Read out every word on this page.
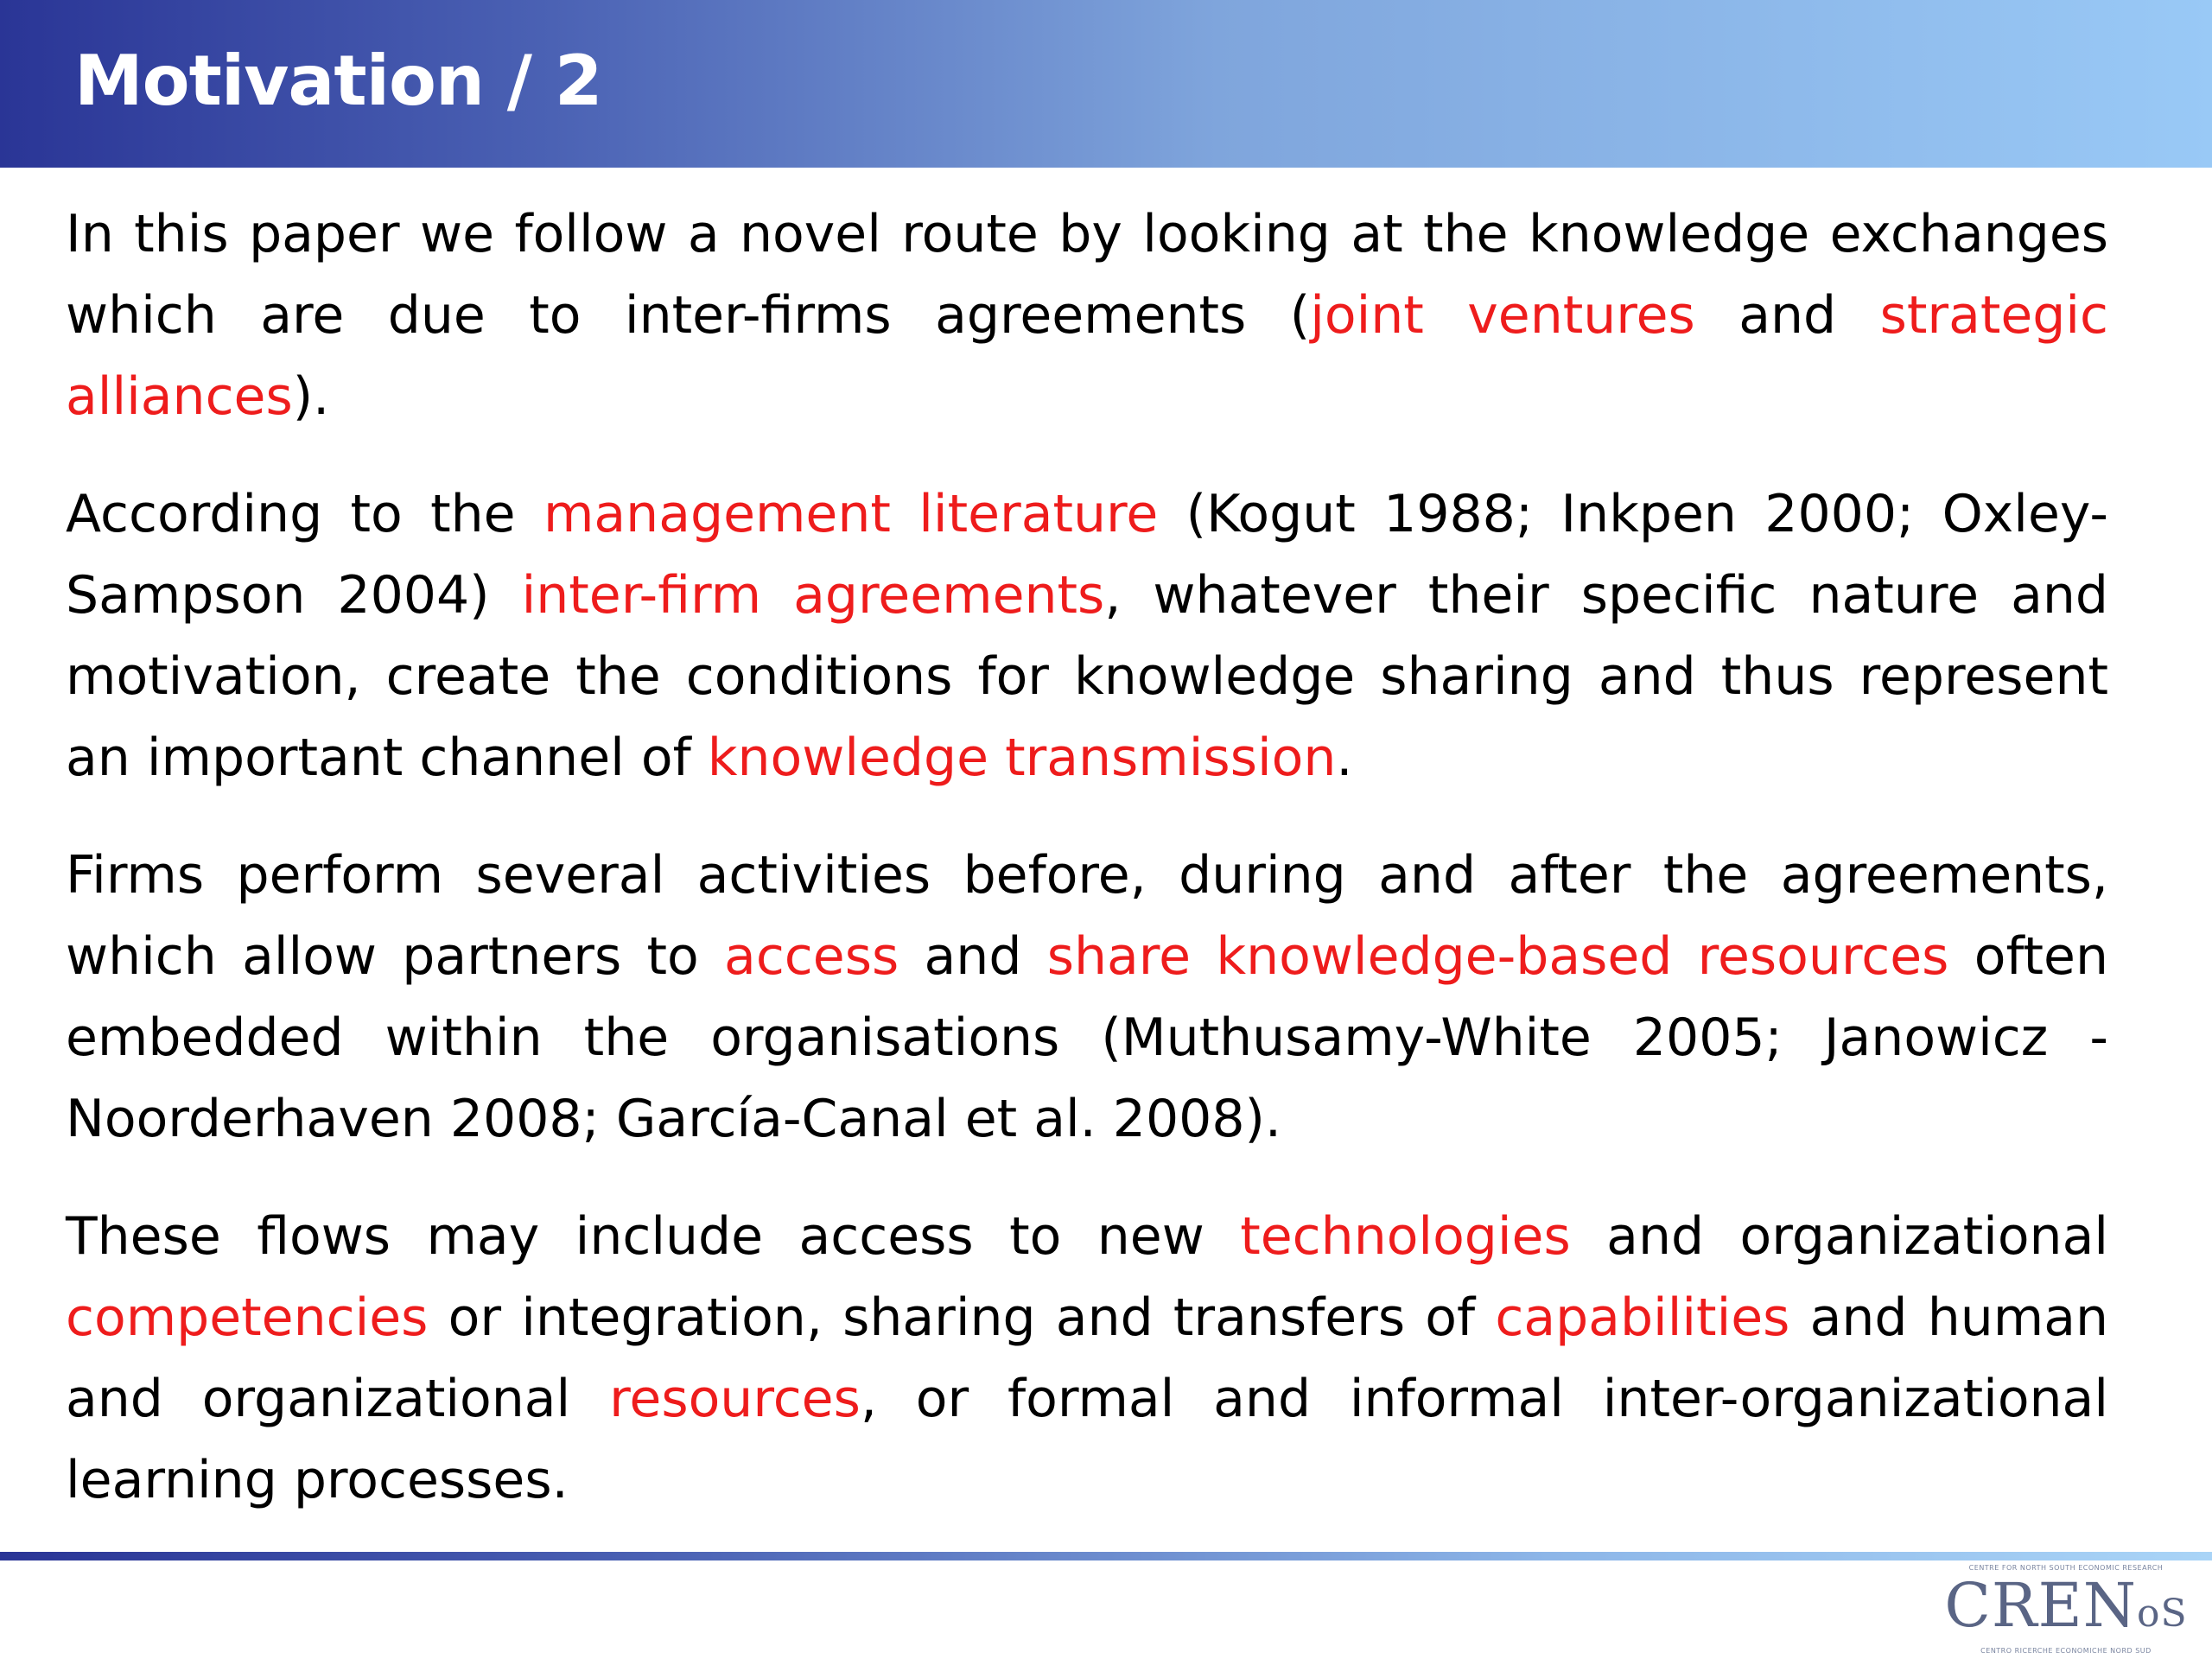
Motivation / 2

In this paper we follow a novel route by looking at the knowledge exchanges which are due to inter-firms agreements (joint ventures and strategic alliances).

According to the management literature (Kogut 1988; Inkpen 2000; Oxley-Sampson 2004) inter-firm agreements, whatever their specific nature and motivation, create the conditions for knowledge sharing and thus represent an important channel of knowledge transmission.

Firms perform several activities before, during and after the agreements, which allow partners to access and share knowledge-based resources often embedded within the organisations (Muthusamy-White 2005; Janowicz -Noorderhaven 2008; García-Canal et al. 2008).

These flows may include access to new technologies and organizational competencies or integration, sharing and transfers of capabilities and human and organizational resources, or formal and informal inter-organizational learning processes.

CENTRE FOR NORTH SOUTH ECONOMIC RESEARCH
CRENoS
CENTRO RICERCHE ECONOMICHE NORD SUD
